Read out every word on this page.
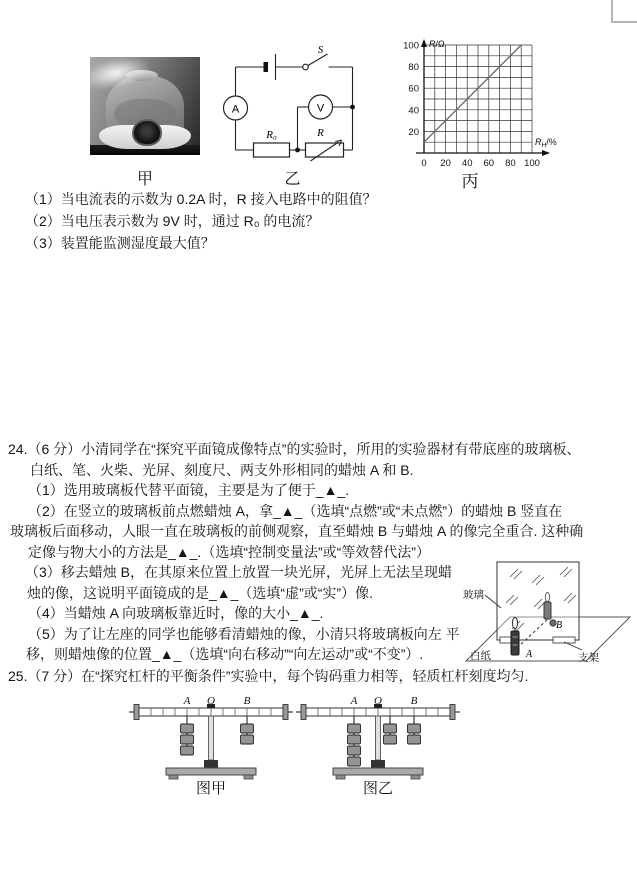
甲
S
A
R₀	R
V
乙
20
40
60
80
100
0 20 40 60 80 100
R/Ω
$R_H/\%$
丙
（1）当电流表的示数为 0.2A 时，R 接入电路中的阻值？
（2）当电压表示数为 9V 时，通过 R₀ 的电流？
（3）装置能监测湿度最大值？
24.（6 分）小清同学在“探究平面镜成像特点”的实验时，所用的实验器材有带底座的玻璃板、
白纸、笔、火柴、光屏、刻度尺、两支外形相同的蜡烛 A 和 B.
（1）选用玻璃板代替平面镜，主要是为了便于_▲_.
（2）在竖立的玻璃板前点燃蜡烛 A，拿_▲_（选填“点燃”或“未点燃”）的蜡烛 B 竖直在
玻璃板后面移动，人眼一直在玻璃板的前侧观察，直至蜡烛 B 与蜡烛 A 的像完全重合. 这种确
定像与物大小的方法是_▲_.（选填“控制变量法”或“等效替代法”）
（3）移去蜡烛 B，在其原来位置上放置一块光屏，光屏上无法呈现蜡
烛的像，这说明平面镜成的是_▲_（选填“虚”或“实”）像.
（4）当蜡烛 A 向玻璃板靠近时，像的大小_▲_.
（5）为了让左座的同学也能够看清蜡烛的像，小清只将玻璃板向左 平
移，则蜡烛像的位置_▲_（选填“向右移动”“向左运动”或“不变”）.
玻璃
白纸	支架
A
B
25.（7 分）在“探究杠杆的平衡条件”实验中，每个钩码重力相等，轻质杠杆刻度均匀.
A O	B
图甲
A O	B
图乙
